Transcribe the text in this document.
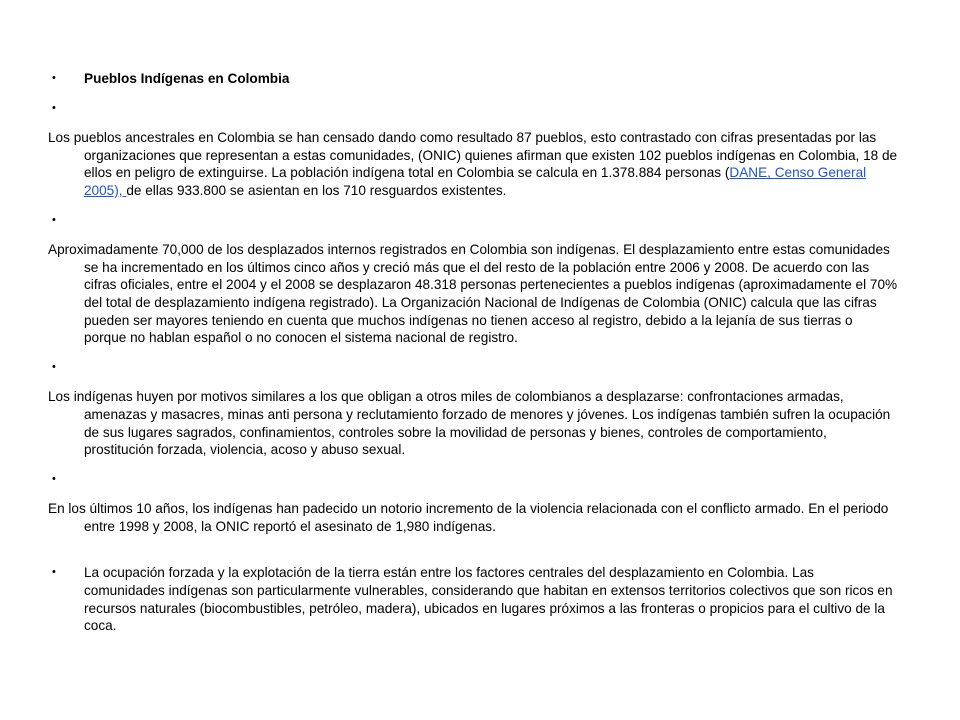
• Pueblos Indígenas en Colombia
•
Los pueblos ancestrales en Colombia se han censado dando como resultado 87 pueblos, esto contrastado con cifras presentadas por las organizaciones que representan a estas comunidades, (ONIC) quienes afirman que existen 102 pueblos indígenas en Colombia, 18 de ellos en peligro de extinguirse. La población indígena total en Colombia se calcula en 1.378.884 personas (DANE, Censo General 2005), de ellas 933.800 se asientan en los 710 resguardos existentes.
•
Aproximadamente 70,000 de los desplazados internos registrados en Colombia son indígenas. El desplazamiento entre estas comunidades se ha incrementado en los últimos cinco años y creció más que el del resto de la población entre 2006 y 2008. De acuerdo con las cifras oficiales, entre el 2004 y el 2008 se desplazaron 48.318 personas pertenecientes a pueblos indígenas (aproximadamente el 70% del total de desplazamiento indígena registrado). La Organización Nacional de Indígenas de Colombia (ONIC) calcula que las cifras pueden ser mayores teniendo en cuenta que muchos indígenas no tienen acceso al registro, debido a la lejanía de sus tierras o porque no hablan español o no conocen el sistema nacional de registro.
•
Los indígenas huyen por motivos similares a los que obligan a otros miles de colombianos a desplazarse: confrontaciones armadas, amenazas y masacres, minas anti persona y reclutamiento forzado de menores y jóvenes. Los indígenas también sufren la ocupación de sus lugares sagrados, confinamientos, controles sobre la movilidad de personas y bienes, controles de comportamiento, prostitución forzada, violencia, acoso y abuso sexual.
•
En los últimos 10 años, los indígenas han padecido un notorio incremento de la violencia relacionada con el conflicto armado. En el periodo entre 1998 y 2008, la ONIC reportó el asesinato de 1,980 indígenas.
• La ocupación forzada y la explotación de la tierra están entre los factores centrales del desplazamiento en Colombia. Las comunidades indígenas son particularmente vulnerables, considerando que habitan en extensos territorios colectivos que son ricos en recursos naturales (biocombustibles, petróleo, madera), ubicados en lugares próximos a las fronteras o propicios para el cultivo de la coca.
